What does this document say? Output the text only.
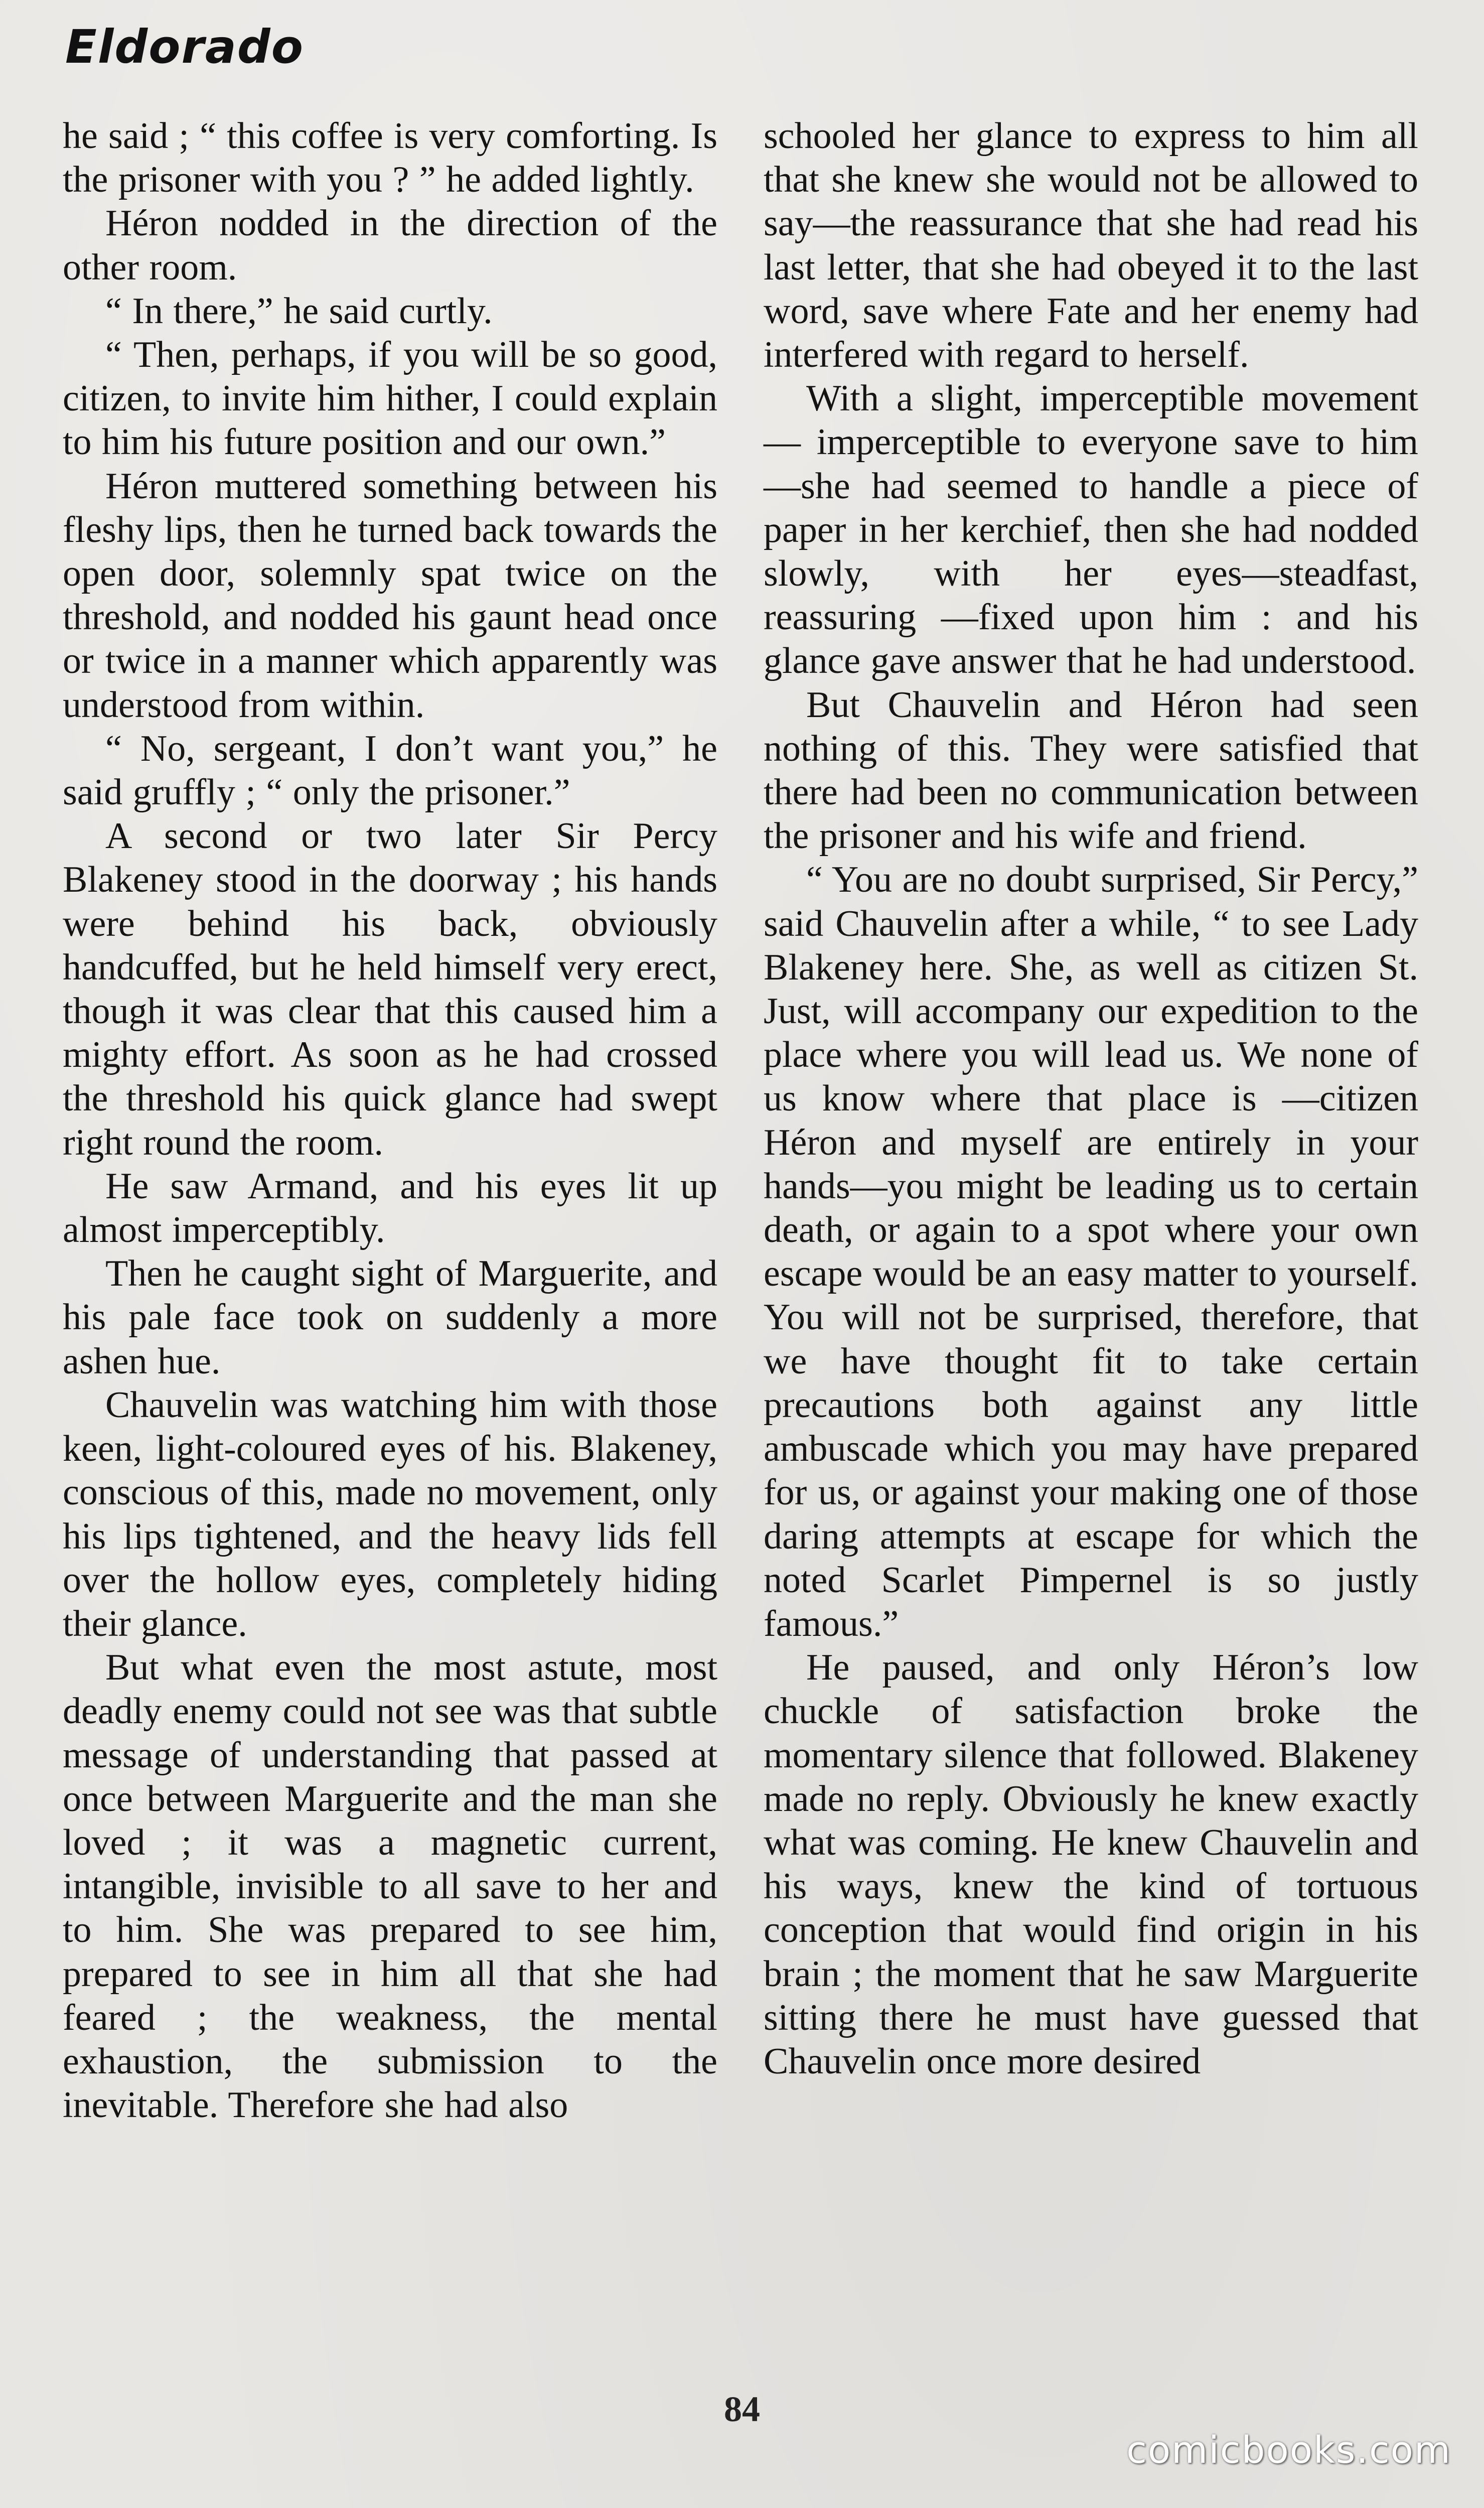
Eldorado

he said ; “ this coffee is very comforting. Is the prisoner with you ? ” he added lightly.

Héron nodded in the direction of the other room.

“ In there,” he said curtly.

“ Then, perhaps, if you will be so good, citizen, to invite him hither, I could explain to him his future position and our own.”

Héron muttered something between his fleshy lips, then he turned back towards the open door, solemnly spat twice on the threshold, and nodded his gaunt head once or twice in a manner which apparently was understood from within.

“ No, sergeant, I don’t want you,” he said gruffly ; “ only the prisoner.”

A second or two later Sir Percy Blakeney stood in the doorway ; his hands were behind his back, obviously handcuffed, but he held himself very erect, though it was clear that this caused him a mighty effort. As soon as he had crossed the threshold his quick glance had swept right round the room.

He saw Armand, and his eyes lit up almost imperceptibly.

Then he caught sight of Marguerite, and his pale face took on suddenly a more ashen hue.

Chauvelin was watching him with those keen, light-coloured eyes of his. Blakeney, conscious of this, made no movement, only his lips tightened, and the heavy lids fell over the hollow eyes, completely hiding their glance.

But what even the most astute, most deadly enemy could not see was that subtle message of understanding that passed at once between Marguerite and the man she loved ; it was a magnetic current, intangible, invisible to all save to her and to him. She was prepared to see him, prepared to see in him all that she had feared ; the weakness, the mental exhaustion, the submission to the inevitable. Therefore she had also

schooled her glance to express to him all that she knew she would not be allowed to say—the reassurance that she had read his last letter, that she had obeyed it to the last word, save where Fate and her enemy had interfered with regard to herself.

With a slight, imperceptible movement — imperceptible to everyone save to him—she had seemed to handle a piece of paper in her kerchief, then she had nodded slowly, with her eyes—steadfast, reassuring —fixed upon him : and his glance gave answer that he had understood.

But Chauvelin and Héron had seen nothing of this. They were satisfied that there had been no communication between the prisoner and his wife and friend.

“ You are no doubt surprised, Sir Percy,” said Chauvelin after a while, “ to see Lady Blakeney here. She, as well as citizen St. Just, will accompany our expedition to the place where you will lead us. We none of us know where that place is —citizen Héron and myself are entirely in your hands—you might be leading us to certain death, or again to a spot where your own escape would be an easy matter to yourself. You will not be surprised, therefore, that we have thought fit to take certain precautions both against any little ambuscade which you may have prepared for us, or against your making one of those daring attempts at escape for which the noted Scarlet Pimpernel is so justly famous.”

He paused, and only Héron’s low chuckle of satisfaction broke the momentary silence that followed. Blakeney made no reply. Obviously he knew exactly what was coming. He knew Chauvelin and his ways, knew the kind of tortuous conception that would find origin in his brain ; the moment that he saw Marguerite sitting there he must have guessed that Chauvelin once more desired

84
comicbooks.com
